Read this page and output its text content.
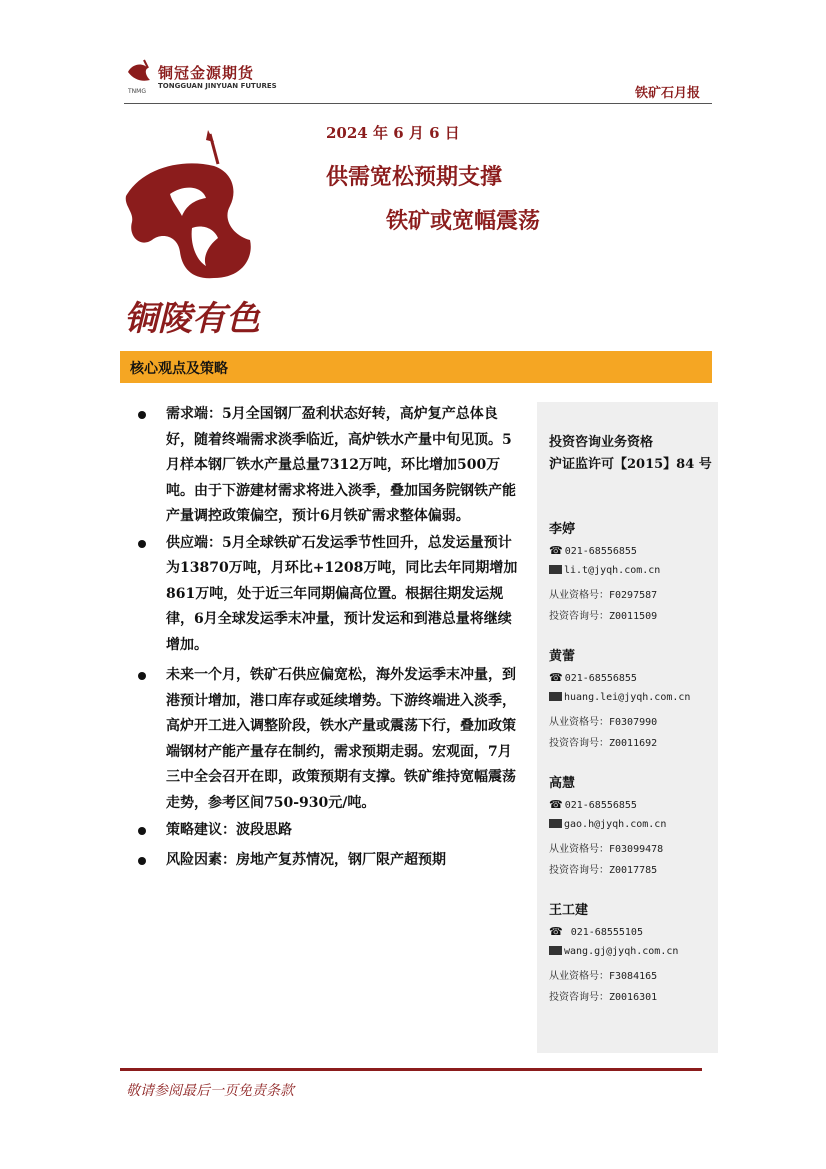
铜冠金源期货
TONGGUAN JINYUAN FUTURES
TNMG	铁矿石月报
铜陵有色
2024 年 6 月 6 日
供需宽松预期支撑
铁矿或宽幅震荡
核心观点及策略
需求端：5月全国钢厂盈利状态好转，高炉复产总体良好，随着终端需求淡季临近，高炉铁水产量中旬见顶。5月样本钢厂铁水产量总量7312万吨，环比增加500万吨。由于下游建材需求将进入淡季，叠加国务院钢铁产能产量调控政策偏空，预计6月铁矿需求整体偏弱。
供应端：5月全球铁矿石发运季节性回升，总发运量预计为13870万吨，月环比+1208万吨，同比去年同期增加861万吨，处于近三年同期偏高位置。根据往期发运规律，6月全球发运季末冲量，预计发运和到港总量将继续增加。
未来一个月，铁矿石供应偏宽松，海外发运季末冲量，到港预计增加，港口库存或延续增势。下游终端进入淡季，高炉开工进入调整阶段，铁水产量或震荡下行，叠加政策端钢材产能产量存在制约，需求预期走弱。宏观面，7月三中全会召开在即，政策预期有支撑。铁矿维持宽幅震荡走势，参考区间750-930元/吨。
策略建议：波段思路
风险因素：房地产复苏情况，钢厂限产超预期
投资咨询业务资格
沪证监许可【2015】84 号
李婷
☎ 021-68556855
li.t@jyqh.com.cn
从业资格号：F0297587
投资咨询号：Z0011509
黄蕾
☎ 021-68556855
huang.lei@jyqh.com.cn
从业资格号：F0307990
投资咨询号：Z0011692
高慧
☎ 021-68556855
gao.h@jyqh.com.cn
从业资格号：F03099478
投资咨询号：Z0017785
王工建
☎ 021-68555105
wang.gj@jyqh.com.cn
从业资格号：F3084165
投资咨询号：Z0016301
敬请参阅最后一页免责条款
